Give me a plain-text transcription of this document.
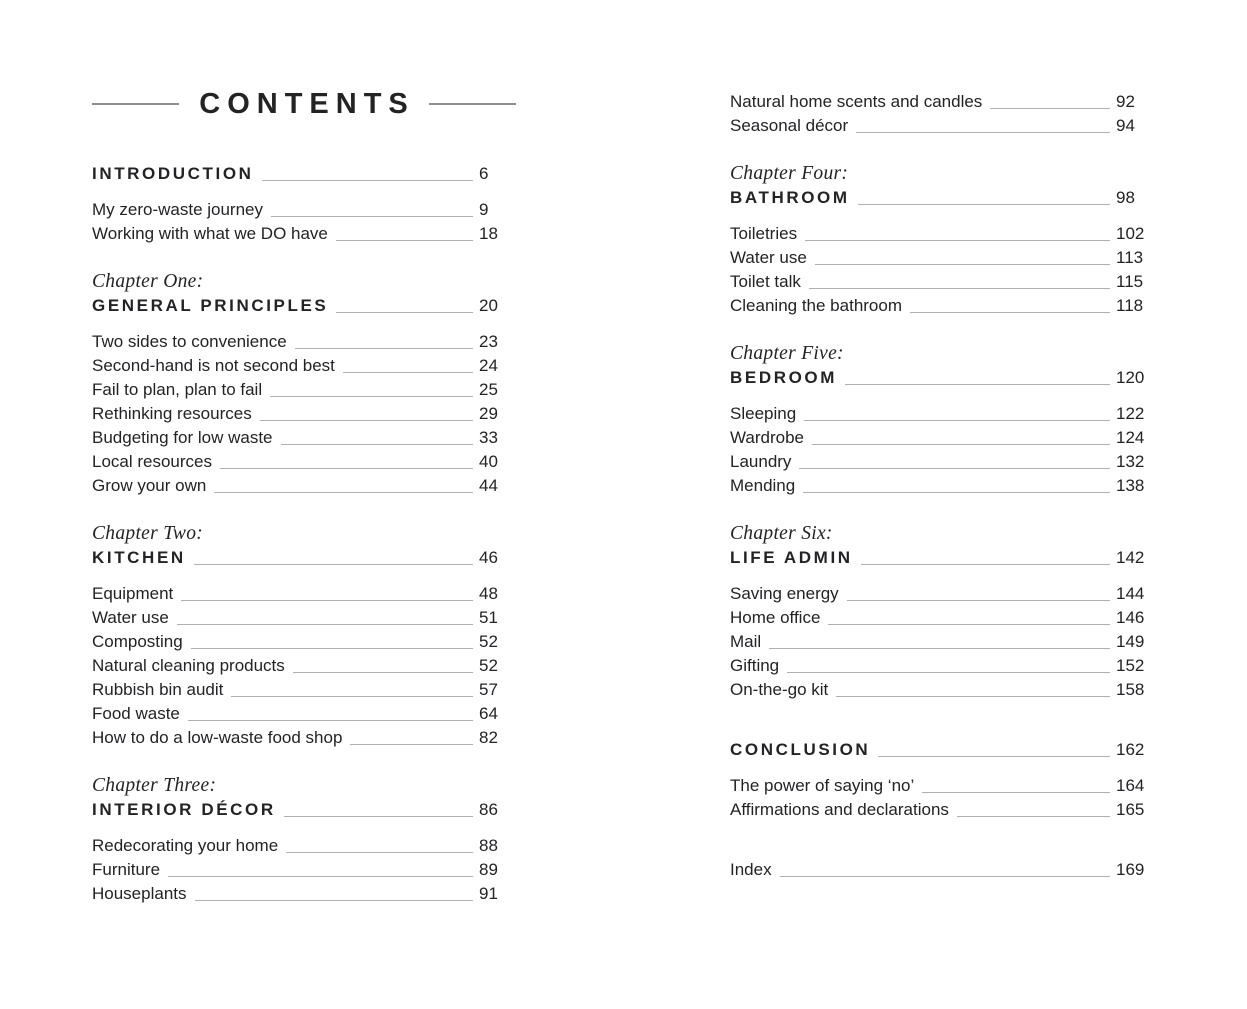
CONTENTS
INTRODUCTION	6
My zero-waste journey	9
Working with what we DO have	18
Chapter One:
GENERAL PRINCIPLES	20
Two sides to convenience	23
Second-hand is not second best	24
Fail to plan, plan to fail	25
Rethinking resources	29
Budgeting for low waste	33
Local resources	40
Grow your own	44
Chapter Two:
KITCHEN	46
Equipment	48
Water use	51
Composting	52
Natural cleaning products	52
Rubbish bin audit	57
Food waste	64
How to do a low-waste food shop	82
Chapter Three:
INTERIOR DÉCOR	86
Redecorating your home	88
Furniture	89
Houseplants	91
Natural home scents and candles	92
Seasonal décor	94
Chapter Four:
BATHROOM	98
Toiletries	102
Water use	113
Toilet talk	115
Cleaning the bathroom	118
Chapter Five:
BEDROOM	120
Sleeping	122
Wardrobe	124
Laundry	132
Mending	138
Chapter Six:
LIFE ADMIN	142
Saving energy	144
Home office	146
Mail	149
Gifting	152
On-the-go kit	158
CONCLUSION	162
The power of saying ‘no’	164
Affirmations and declarations	165
Index	169
